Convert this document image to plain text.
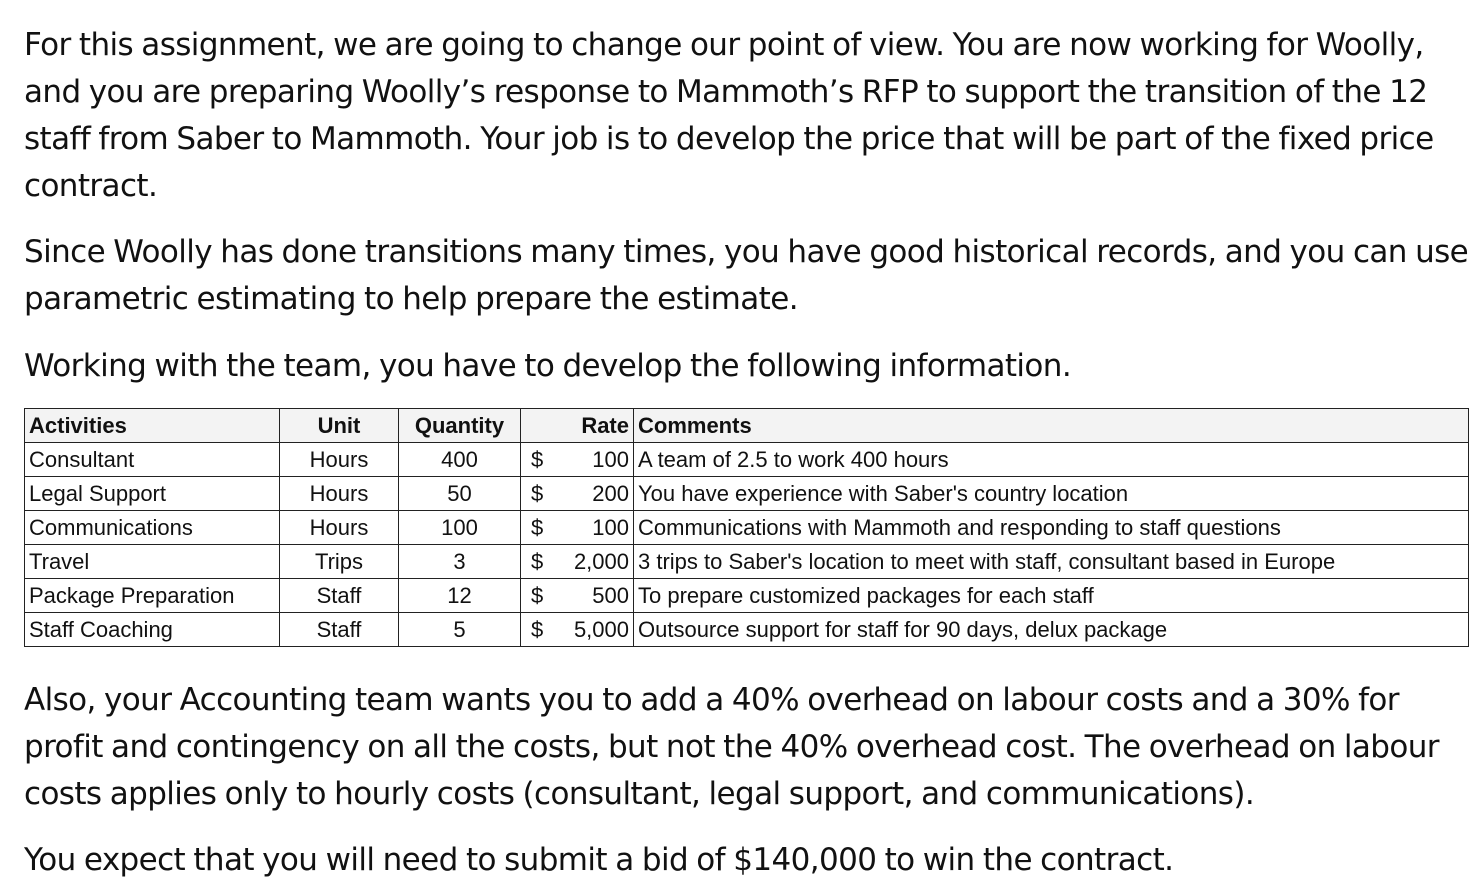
For this assignment, we are going to change our point of view. You are now working for Woolly, and you are preparing Woolly’s response to Mammoth’s RFP to support the transition of the 12 staff from Saber to Mammoth. Your job is to develop the price that will be part of the fixed price contract.

Since Woolly has done transitions many times, you have good historical records, and you can use parametric estimating to help prepare the estimate.

Working with the team, you have to develop the following information.

Activities	Unit	Quantity	Rate	Comments
Consultant	Hours	400	$ 100	A team of 2.5 to work 400 hours
Legal Support	Hours	50	$ 200	You have experience with Saber's country location
Communications	Hours	100	$ 100	Communications with Mammoth and responding to staff questions
Travel	Trips	3	$ 2,000	3 trips to Saber's location to meet with staff, consultant based in Europe
Package Preparation	Staff	12	$ 500	To prepare customized packages for each staff
Staff Coaching	Staff	5	$ 5,000	Outsource support for staff for 90 days, delux package

Also, your Accounting team wants you to add a 40% overhead on labour costs and a 30% for profit and contingency on all the costs, but not the 40% overhead cost. The overhead on labour costs applies only to hourly costs (consultant, legal support, and communications).

You expect that you will need to submit a bid of $140,000 to win the contract.
